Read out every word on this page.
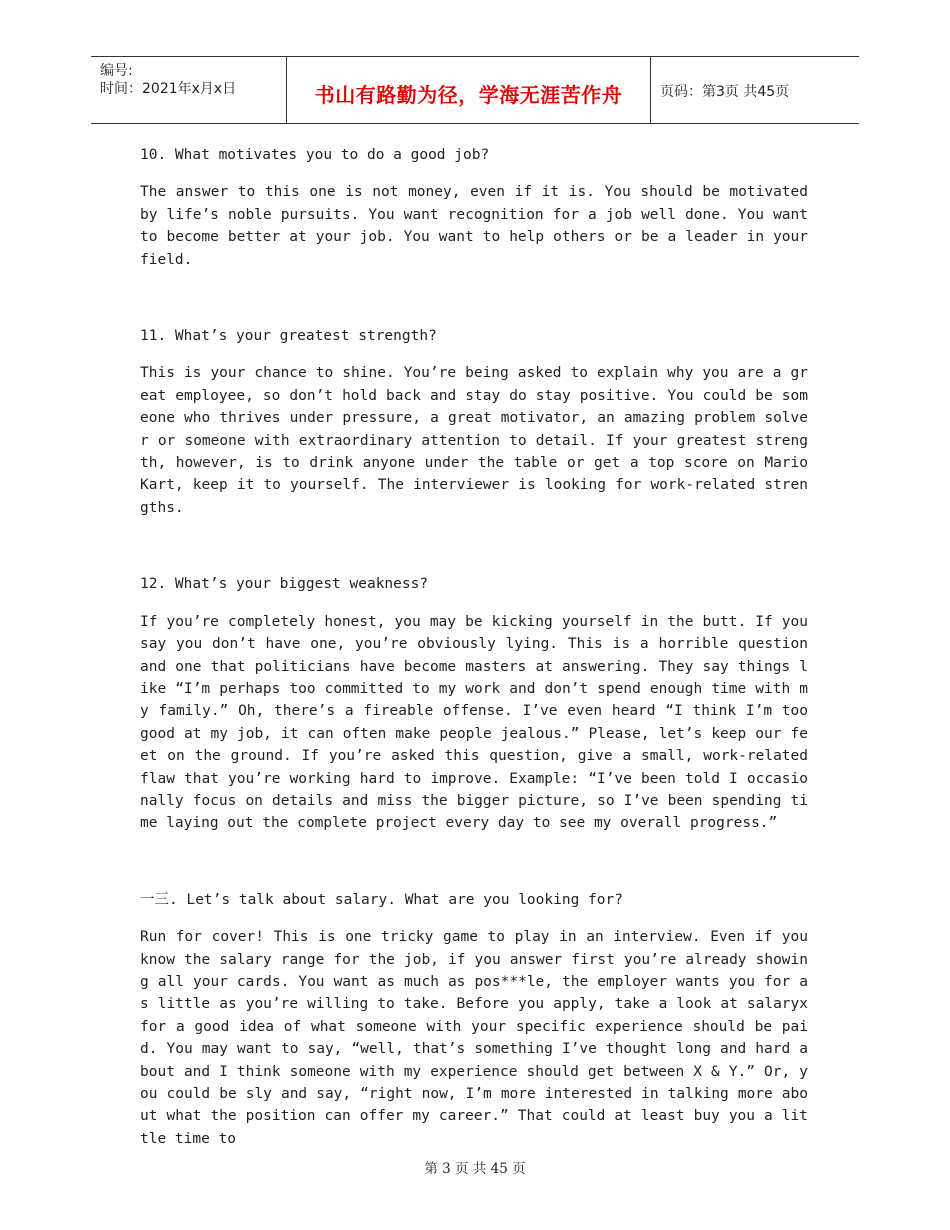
编号:
时间：2021年x月x日	书山有路勤为径，学海无涯苦作舟	页码：第3页 共45页

10. What motivates you to do a good job?

The answer to this one is not money, even if it is. You should be motivated by life’s noble pursuits. You want recognition for a job well done. You want to become better at your job. You want to help others or be a leader in your field.

11. What’s your greatest strength?

This is your chance to shine. You’re being asked to explain why you are a great employee, so don’t hold back and stay do stay positive. You could be someone who thrives under pressure, a great motivator, an amazing problem solver or someone with extraordinary attention to detail. If your greatest strength, however, is to drink anyone under the table or get a top score on Mario Kart, keep it to yourself. The interviewer is looking for work-related strengths.

12. What’s your biggest weakness?

If you’re completely honest, you may be kicking yourself in the butt. If you say you don’t have one, you’re obviously lying. This is a horrible question and one that politicians have become masters at answering. They say things like “I’m perhaps too committed to my work and don’t spend enough time with my family.” Oh, there’s a fireable offense. I’ve even heard “I think I’m too good at my job, it can often make people jealous.” Please, let’s keep our feet on the ground. If you’re asked this question, give a small, work-related flaw that you’re working hard to improve. Example: “I’ve been told I occasionally focus on details and miss the bigger picture, so I’ve been spending time laying out the complete project every day to see my overall progress.”

一三. Let’s talk about salary. What are you looking for?

Run for cover! This is one tricky game to play in an interview. Even if you know the salary range for the job, if you answer first you’re already showing all your cards. You want as much as pos***le, the employer wants you for as little as you’re willing to take. Before you apply, take a look at salaryx for a good idea of what someone with your specific experience should be paid. You may want to say, “well, that’s something I’ve thought long and hard about and I think someone with my experience should get between X & Y.” Or, you could be sly and say, “right now, I’m more interested in talking more about what the position can offer my career.” That could at least buy you a little time to

第 3 页 共 45 页
